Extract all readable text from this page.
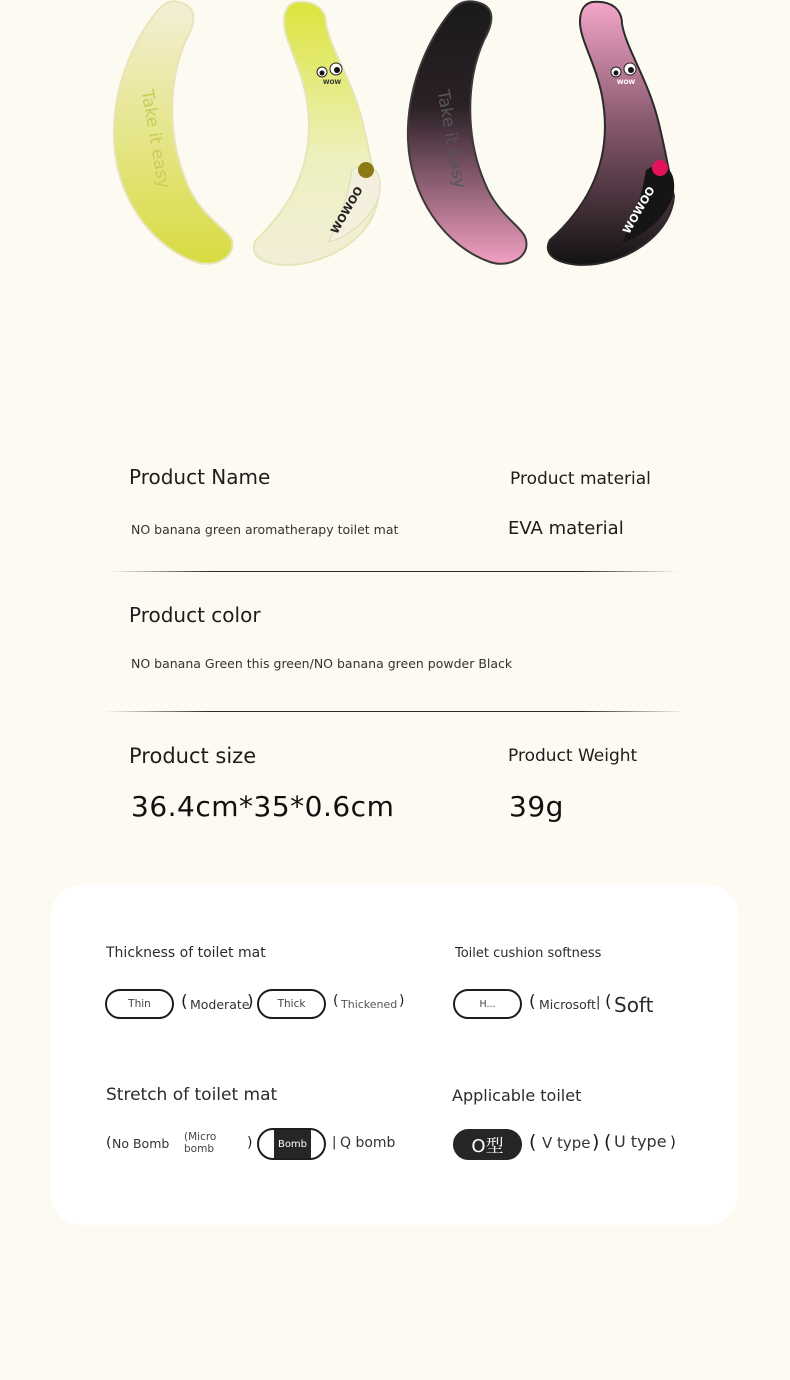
Take it easy
WOW
WOWOO
Take it easy
WOW
WOWOO
Product Name	Product material
NO banana green aromatherapy toilet mat	EVA material
Product color
NO banana Green this green/NO banana green powder Black
Product size	Product Weight
36.4cm*35*0.6cm	39g
Thickness of toilet mat
Thin	( Moderate
)	Thick	( Thickened )
Toilet cushion softness
H...	( Microsoft | ( Soft
Stretch of toilet mat
( No Bomb (Micro
bomb )	Bomb	| Q bomb
Applicable toilet
O型	( V type ) ( U type )
